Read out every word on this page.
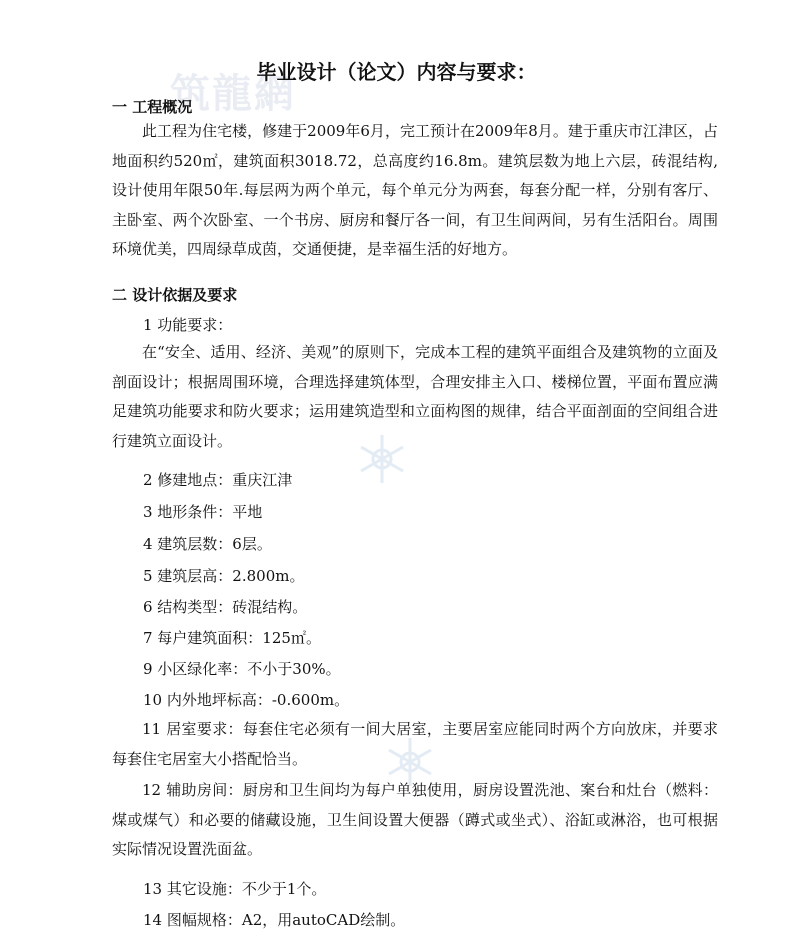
筑龍網
毕业设计（论文）内容与要求：
一 工程概况

此工程为住宅楼，修建于2009年6月，完工预计在2009年8月。建于重庆市江津区，占地面积约520㎡，建筑面积3018.72，总高度约16.8m。建筑层数为地上六层，砖混结构,设计使用年限50年.每层两为两个单元，每个单元分为两套，每套分配一样，分别有客厅、主卧室、两个次卧室、一个书房、厨房和餐厅各一间，有卫生间两间，另有生活阳台。周围环境优美，四周绿草成茵，交通便捷，是幸福生活的好地方。

二 设计依据及要求
1 功能要求：

在“安全、适用、经济、美观”的原则下，完成本工程的建筑平面组合及建筑物的立面及剖面设计；根据周围环境，合理选择建筑体型，合理安排主入口、楼梯位置，平面布置应满足建筑功能要求和防火要求；运用建筑造型和立面构图的规律，结合平面剖面的空间组合进行建筑立面设计。

2 修建地点：重庆江津
3 地形条件：平地
4 建筑层数：6层。
5 建筑层高：2.800m。
6 结构类型：砖混结构。
7 每户建筑面积：125㎡。
9 小区绿化率：不小于30%。
10 内外地坪标高：-0.600m。

11 居室要求：每套住宅必须有一间大居室，主要居室应能同时两个方向放床，并要求每套住宅居室大小搭配恰当。

12 辅助房间：厨房和卫生间均为每户单独使用，厨房设置洗池、案台和灶台（燃料：煤或煤气）和必要的储藏设施，卫生间设置大便器（蹲式或坐式）、浴缸或淋浴，也可根据实际情况设置洗面盆。

13 其它设施：不少于1个。
14 图幅规格：A2，用autoCAD绘制。
